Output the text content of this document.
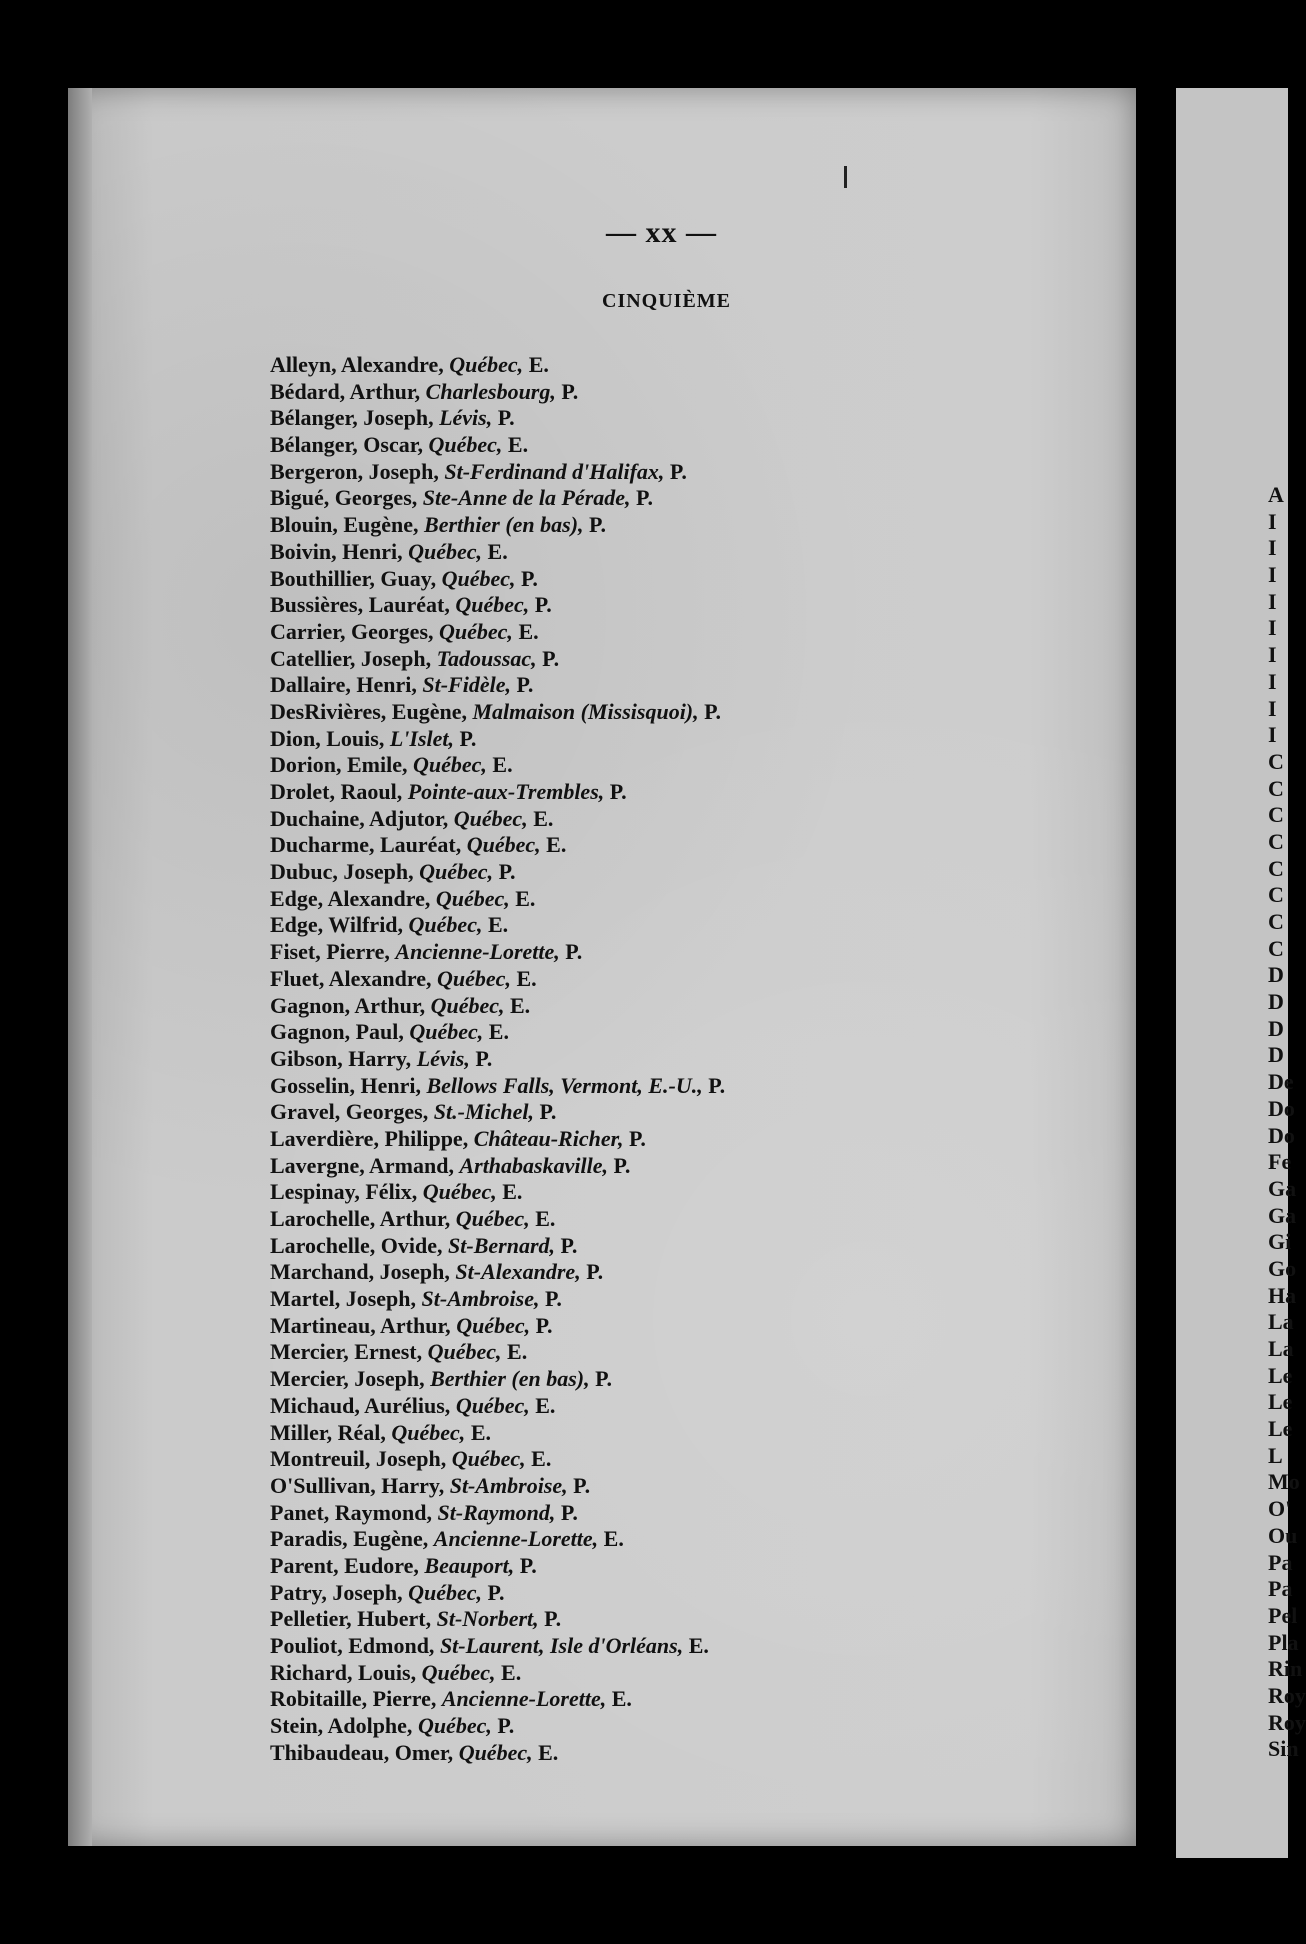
— xx —
CINQUIÈME
Alleyn, Alexandre, Québec, E.
Bédard, Arthur, Charlesbourg, P.
Bélanger, Joseph, Lévis, P.
Bélanger, Oscar, Québec, E.
Bergeron, Joseph, St-Ferdinand d'Halifax, P.
Bigué, Georges, Ste-Anne de la Pérade, P.
Blouin, Eugène, Berthier (en bas), P.
Boivin, Henri, Québec, E.
Bouthillier, Guay, Québec, P.
Bussières, Lauréat, Québec, P.
Carrier, Georges, Québec, E.
Catellier, Joseph, Tadoussac, P.
Dallaire, Henri, St-Fidèle, P.
DesRivières, Eugène, Malmaison (Missisquoi), P.
Dion, Louis, L'Islet, P.
Dorion, Emile, Québec, E.
Drolet, Raoul, Pointe-aux-Trembles, P.
Duchaine, Adjutor, Québec, E.
Ducharme, Lauréat, Québec, E.
Dubuc, Joseph, Québec, P.
Edge, Alexandre, Québec, E.
Edge, Wilfrid, Québec, E.
Fiset, Pierre, Ancienne-Lorette, P.
Fluet, Alexandre, Québec, E.
Gagnon, Arthur, Québec, E.
Gagnon, Paul, Québec, E.
Gibson, Harry, Lévis, P.
Gosselin, Henri, Bellows Falls, Vermont, E.-U., P.
Gravel, Georges, St.-Michel, P.
Laverdière, Philippe, Château-Richer, P.
Lavergne, Armand, Arthabaskaville, P.
Lespinay, Félix, Québec, E.
Larochelle, Arthur, Québec, E.
Larochelle, Ovide, St-Bernard, P.
Marchand, Joseph, St-Alexandre, P.
Martel, Joseph, St-Ambroise, P.
Martineau, Arthur, Québec, P.
Mercier, Ernest, Québec, E.
Mercier, Joseph, Berthier (en bas), P.
Michaud, Aurélius, Québec, E.
Miller, Réal, Québec, E.
Montreuil, Joseph, Québec, E.
O'Sullivan, Harry, St-Ambroise, P.
Panet, Raymond, St-Raymond, P.
Paradis, Eugène, Ancienne-Lorette, E.
Parent, Eudore, Beauport, P.
Patry, Joseph, Québec, P.
Pelletier, Hubert, St-Norbert, P.
Pouliot, Edmond, St-Laurent, Isle d'Orléans, E.
Richard, Louis, Québec, E.
Robitaille, Pierre, Ancienne-Lorette, E.
Stein, Adolphe, Québec, P.
Thibaudeau, Omer, Québec, E.
A
I
I
I
I
I
I
I
I
I
C
C
C
C
C
C
C
C
D
D
D
D
De
Do
Do
Fe
Ga
Ga
Gi
Go
Ha
La
La
Le
Le
Le
L
Mo
O'
Ou
Pa
Pa
Pel
Pla
Rin
Roy
Roy
Sin
